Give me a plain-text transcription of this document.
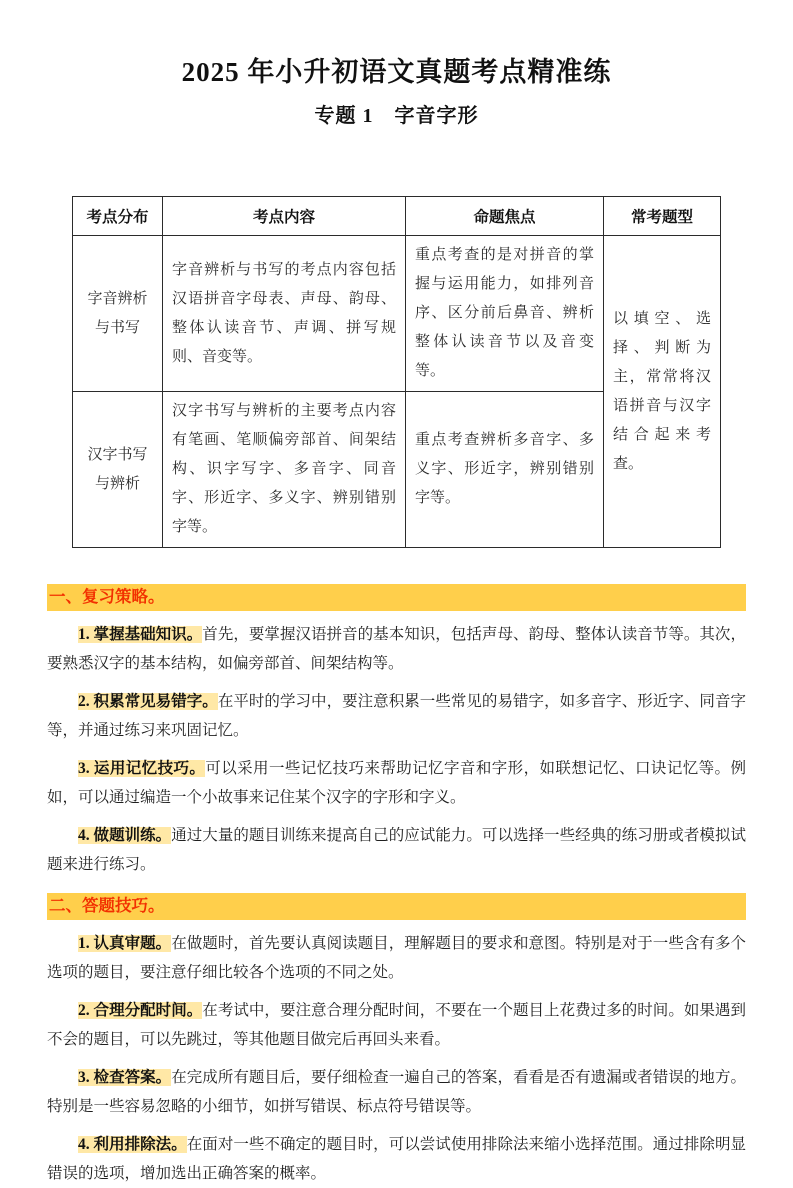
2025 年小升初语文真题考点精准练
专题 1　字音字形
考点分布	考点内容	命题焦点	常考题型
字音辨析与书写	字音辨析与书写的考点内容包括汉语拼音字母表、声母、韵母、整体认读音节、声调、拼写规则、音变等。	重点考查的是对拼音的掌握与运用能力，如排列音序、区分前后鼻音、辨析整体认读音节以及音变等。	以填空、选择、判断为主，常常将汉语拼音与汉字结合起来考查。
汉字书写与辨析	汉字书写与辨析的主要考点内容有笔画、笔顺偏旁部首、间架结构、识字写字、多音字、同音字、形近字、多义字、辨别错别字等。	重点考查辨析多音字、多义字、形近字，辨别错别字等。	
一、复习策略。

1. 掌握基础知识。首先，要掌握汉语拼音的基本知识，包括声母、韵母、整体认读音节等。其次，要熟悉汉字的基本结构，如偏旁部首、间架结构等。

2. 积累常见易错字。在平时的学习中，要注意积累一些常见的易错字，如多音字、形近字、同音字等，并通过练习来巩固记忆。

3. 运用记忆技巧。可以采用一些记忆技巧来帮助记忆字音和字形，如联想记忆、口诀记忆等。例如，可以通过编造一个小故事来记住某个汉字的字形和字义。

4. 做题训练。通过大量的题目训练来提高自己的应试能力。可以选择一些经典的练习册或者模拟试题来进行练习。

二、答题技巧。

1. 认真审题。在做题时，首先要认真阅读题目，理解题目的要求和意图。特别是对于一些含有多个选项的题目，要注意仔细比较各个选项的不同之处。

2. 合理分配时间。在考试中，要注意合理分配时间，不要在一个题目上花费过多的时间。如果遇到不会的题目，可以先跳过，等其他题目做完后再回头来看。

3. 检查答案。在完成所有题目后，要仔细检查一遍自己的答案，看看是否有遗漏或者错误的地方。特别是一些容易忽略的小细节，如拼写错误、标点符号错误等。

4. 利用排除法。在面对一些不确定的题目时，可以尝试使用排除法来缩小选择范围。通过排除明显错误的选项，增加选出正确答案的概率。
